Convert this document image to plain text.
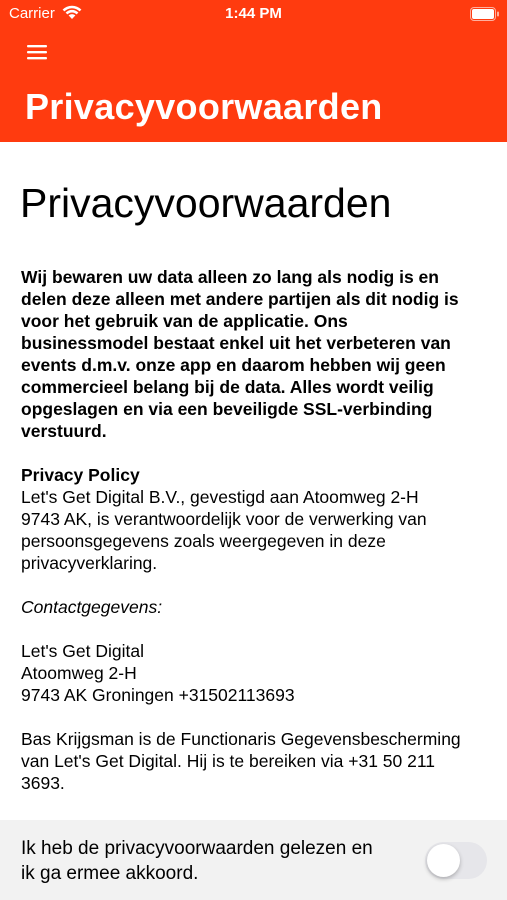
Carrier	1:44 PM
Privacyvoorwaarden
Privacyvoorwaarden
Wij bewaren uw data alleen zo lang als nodig is en
delen deze alleen met andere partijen als dit nodig is
voor het gebruik van de applicatie. Ons
businessmodel bestaat enkel uit het verbeteren van
events d.m.v. onze app en daarom hebben wij geen
commercieel belang bij de data. Alles wordt veilig
opgeslagen en via een beveiligde SSL-verbinding
verstuurd.
Privacy Policy
Let's Get Digital B.V., gevestigd aan Atoomweg 2-H
9743 AK, is verantwoordelijk voor de verwerking van
persoonsgegevens zoals weergegeven in deze
privacyverklaring.
Contactgegevens:
Let's Get Digital
Atoomweg 2-H
9743 AK Groningen +31502113693
Bas Krijgsman is de Functionaris Gegevensbescherming
van Let's Get Digital. Hij is te bereiken via +31 50 211
3693.
Ik heb de privacyvoorwaarden gelezen en
ik ga ermee akkoord.
